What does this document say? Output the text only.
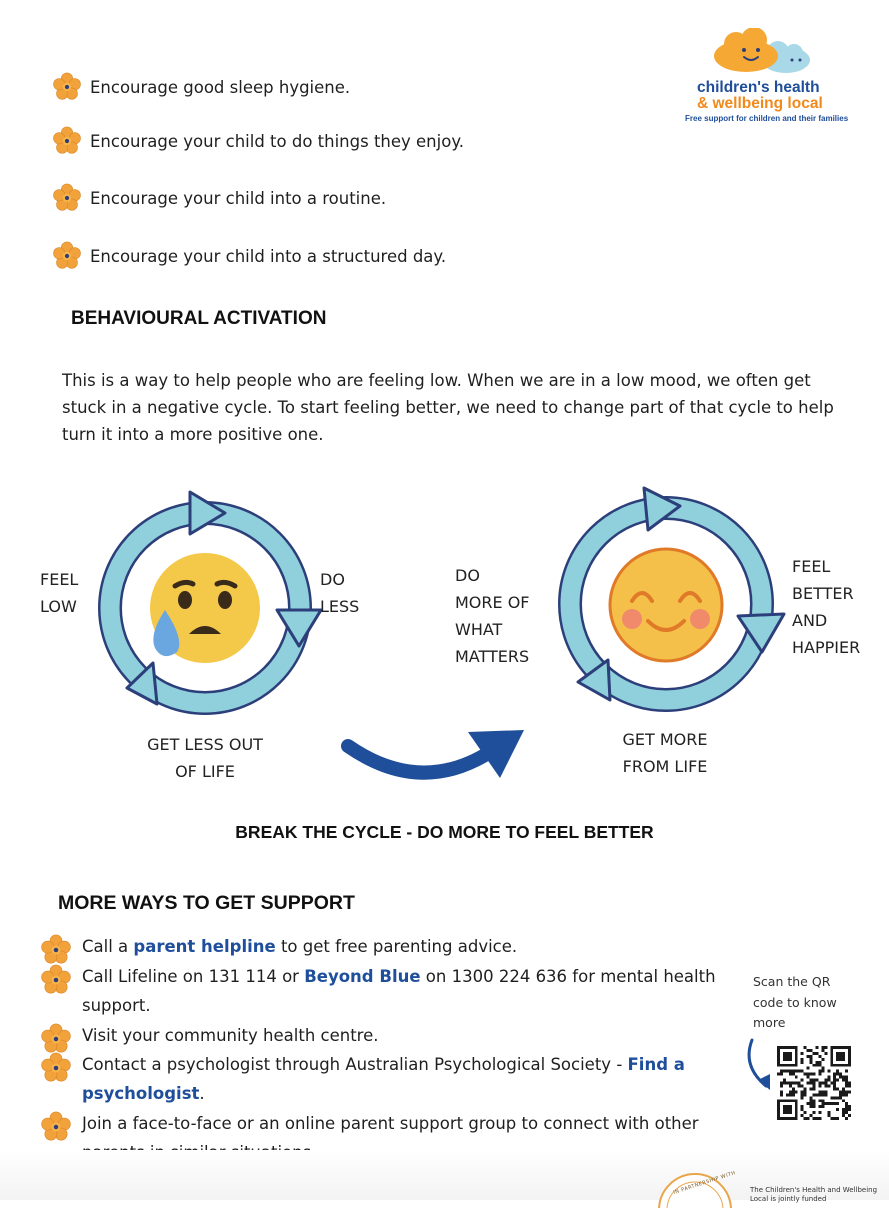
children's health
& wellbeing local
Free support for children and their families
Encourage good sleep hygiene.
Encourage your child to do things they enjoy.
Encourage your child into a routine.
Encourage your child into a structured day.
BEHAVIOURAL ACTIVATION
This is a way to help people who are feeling low. When we are in a low mood, we often get stuck in a negative cycle. To start feeling better, we need to change part of that cycle to help turn it into a more positive one.
FEEL
LOW
DO
LESS
GET LESS OUT
OF LIFE
DO
MORE OF
WHAT
MATTERS
FEEL
BETTER
AND
HAPPIER
GET MORE
FROM LIFE
BREAK THE CYCLE - DO MORE TO FEEL BETTER
MORE WAYS TO GET SUPPORT
Call a parent helpline to get free parenting advice.
Call Lifeline on 131 114 or Beyond Blue on 1300 224 636 for mental health support.
Visit your community health centre.
Contact a psychologist through Australian Psychological Society - Find a psychologist.
Join a face-to-face or an online parent support group to connect with other
Scan the QR code to know more
IN PARTNERSHIP WITH The Children's Health and Wellbeing Local is jointly funded
